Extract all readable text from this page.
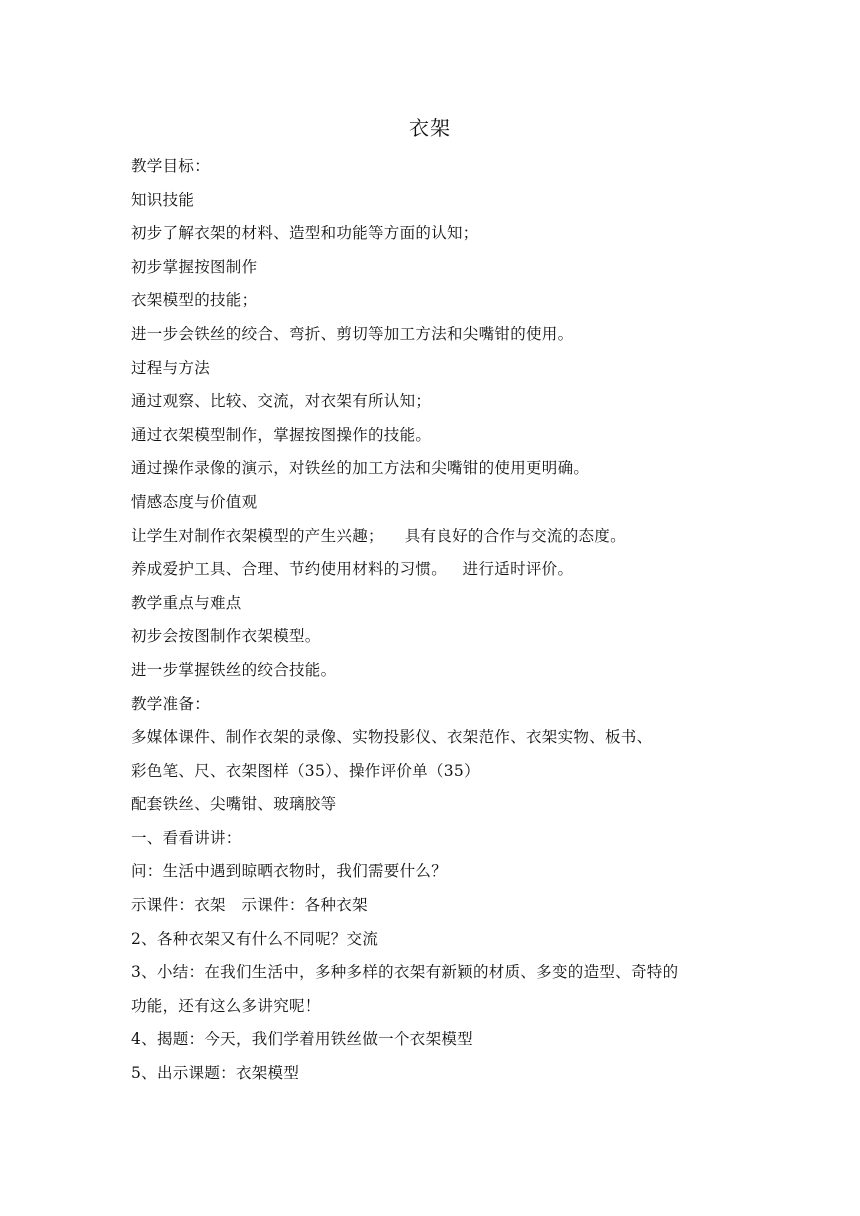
衣架
教学目标：
知识技能
初步了解衣架的材料、造型和功能等方面的认知；
初步掌握按图制作
衣架模型的技能；
进一步会铁丝的绞合、弯折、剪切等加工方法和尖嘴钳的使用。
过程与方法
通过观察、比较、交流，对衣架有所认知；
通过衣架模型制作，掌握按图操作的技能。
通过操作录像的演示，对铁丝的加工方法和尖嘴钳的使用更明确。
情感态度与价值观
让学生对制作衣架模型的产生兴趣；    具有良好的合作与交流的态度。
养成爱护工具、合理、节约使用材料的习惯。   进行适时评价。
教学重点与难点
初步会按图制作衣架模型。
进一步掌握铁丝的绞合技能。
教学准备：
多媒体课件、制作衣架的录像、实物投影仪、衣架范作、衣架实物、板书、
彩色笔、尺、衣架图样（35）、操作评价单（35）
配套铁丝、尖嘴钳、玻璃胶等
一、看看讲讲：
问：生活中遇到晾晒衣物时，我们需要什么？
示课件：衣架   示课件：各种衣架
2、各种衣架又有什么不同呢？交流
3、小结：在我们生活中，多种多样的衣架有新颖的材质、多变的造型、奇特的
功能，还有这么多讲究呢！
4、揭题：今天，我们学着用铁丝做一个衣架模型
5、出示课题：衣架模型
